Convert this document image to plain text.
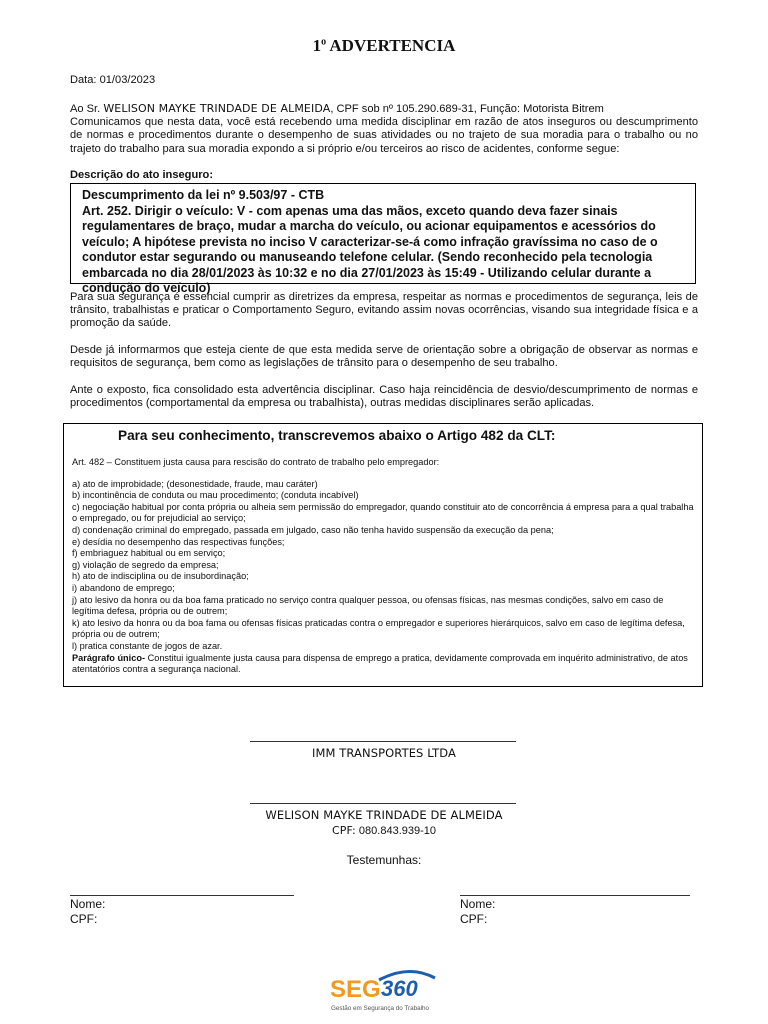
1$^o$ ADVERTENCIA
Data: 01/03/2023
Ao Sr. WELISON MAYKE TRINDADE DE ALMEIDA, CPF sob nº 105.290.689-31, Função: Motorista Bitrem
Comunicamos que nesta data, você está recebendo uma medida disciplinar em razão de atos inseguros ou descumprimento de normas e procedimentos durante o desempenho de suas atividades ou no trajeto de sua moradia para o trabalho ou no trajeto do trabalho para sua moradia expondo a si próprio e/ou terceiros ao risco de acidentes, conforme segue:
Descrição do ato inseguro:
Descumprimento da lei nº 9.503/97 - CTB
Art. 252. Dirigir o veículo: V - com apenas uma das mãos, exceto quando deva fazer sinais regulamentares de braço, mudar a marcha do veículo, ou acionar equipamentos e acessórios do veículo; A hipótese prevista no inciso V caracterizar-se-á como infração gravíssima no caso de o condutor estar segurando ou manuseando telefone celular. (Sendo reconhecido pela tecnologia embarcada no dia 28/01/2023 às 10:32 e no dia 27/01/2023 às 15:49 - Utilizando celular durante a condução do veículo)
Para sua segurança é essencial cumprir as diretrizes da empresa, respeitar as normas e procedimentos de segurança, leis de trânsito, trabalhistas e praticar o Comportamento Seguro, evitando assim novas ocorrências, visando sua integridade física e a promoção da saúde.
Desde já informarmos que esteja ciente de que esta medida serve de orientação sobre a obrigação de observar as normas e requisitos de segurança, bem como as legislações de trânsito para o desempenho de seu trabalho.
Ante o exposto, fica consolidado esta advertência disciplinar. Caso haja reincidência de desvio/descumprimento de normas e procedimentos (comportamental da empresa ou trabalhista), outras medidas disciplinares serão aplicadas.
Para seu conhecimento, transcrevemos abaixo o Artigo 482 da CLT:
Art. 482 – Constituem justa causa para rescisão do contrato de trabalho pelo empregador:
a) ato de improbidade; (desonestidade, fraude, mau caráter)
b) incontinência de conduta ou mau procedimento; (conduta incabível)
c) negociação habitual por conta própria ou alheia sem permissão do empregador, quando constituir ato de concorrência á empresa para a qual trabalha o empregado, ou for prejudicial ao serviço;
d) condenação criminal do empregado, passada em julgado, caso não tenha havido suspensão da execução da pena;
e) desídia no desempenho das respectivas funções;
f) embriaguez habitual ou em serviço;
g) violação de segredo da empresa;
h) ato de indisciplina ou de insubordinação;
i) abandono de emprego;
j) ato lesivo da honra ou da boa fama praticado no serviço contra qualquer pessoa, ou ofensas físicas, nas mesmas condições, salvo em caso de legítima defesa, própria ou de outrem;
k) ato lesivo da honra ou da boa fama ou ofensas físicas praticadas contra o empregador e superiores hierárquicos, salvo em caso de legítima defesa, própria ou de outrem;
l) pratica constante de jogos de azar.
Parágrafo único- Constitui igualmente justa causa para dispensa de emprego a pratica, devidamente comprovada em inquérito administrativo, de atos atentatórios contra a segurança nacional.
IMM TRANSPORTES LTDA
WELISON MAYKE TRINDADE DE ALMEIDA
CPF: 080.843.939-10
Testemunhas:
Nome:
CPF:
Nome:
CPF:
SEG 360
Gestão em Segurança do Trabalho
